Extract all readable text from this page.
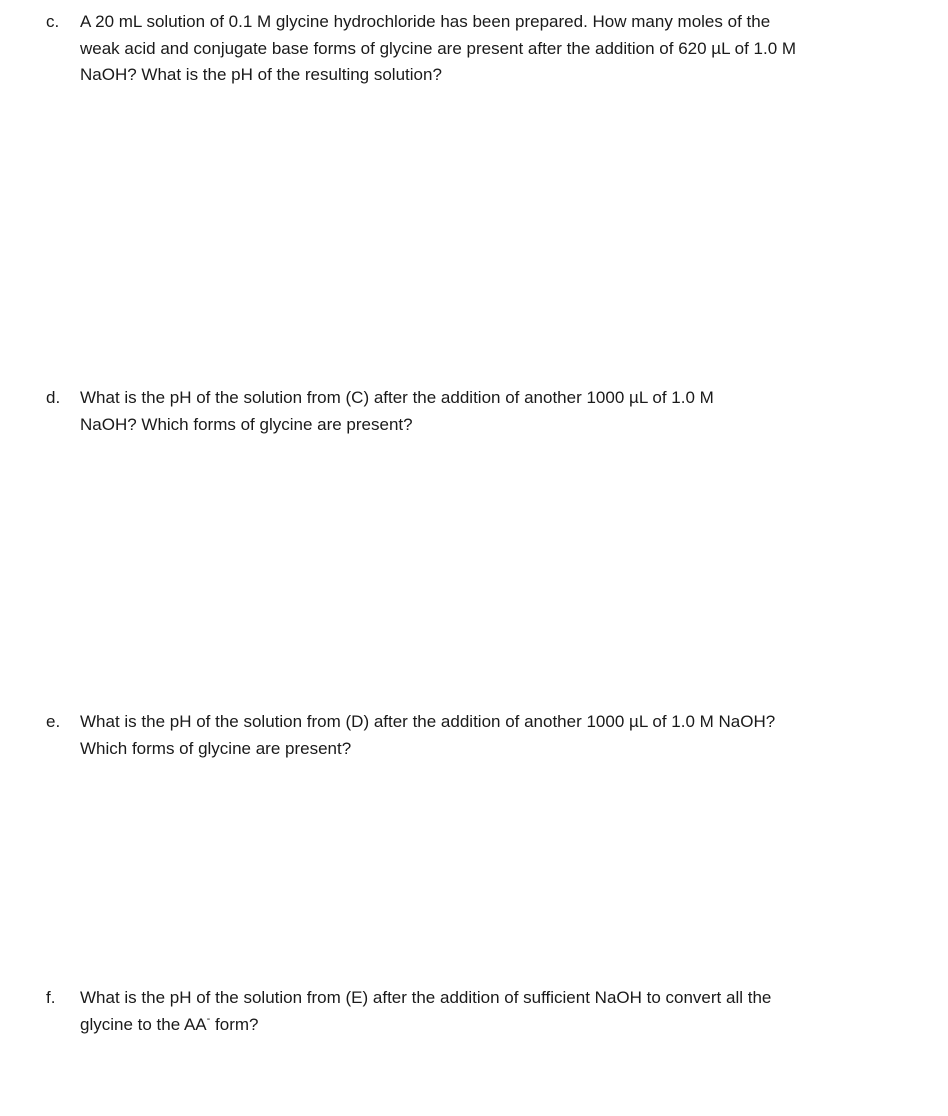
c. A 20 mL solution of 0.1 M glycine hydrochloride has been prepared. How many moles of the
weak acid and conjugate base forms of glycine are present after the addition of 620 µL of 1.0 M
NaOH? What is the pH of the resulting solution?

d. What is the pH of the solution from (C) after the addition of another 1000 µL of 1.0 M
NaOH? Which forms of glycine are present?

e. What is the pH of the solution from (D) after the addition of another 1000 µL of 1.0 M NaOH?
Which forms of glycine are present?

f. What is the pH of the solution from (E) after the addition of sufficient NaOH to convert all the
glycine to the AA- form?
